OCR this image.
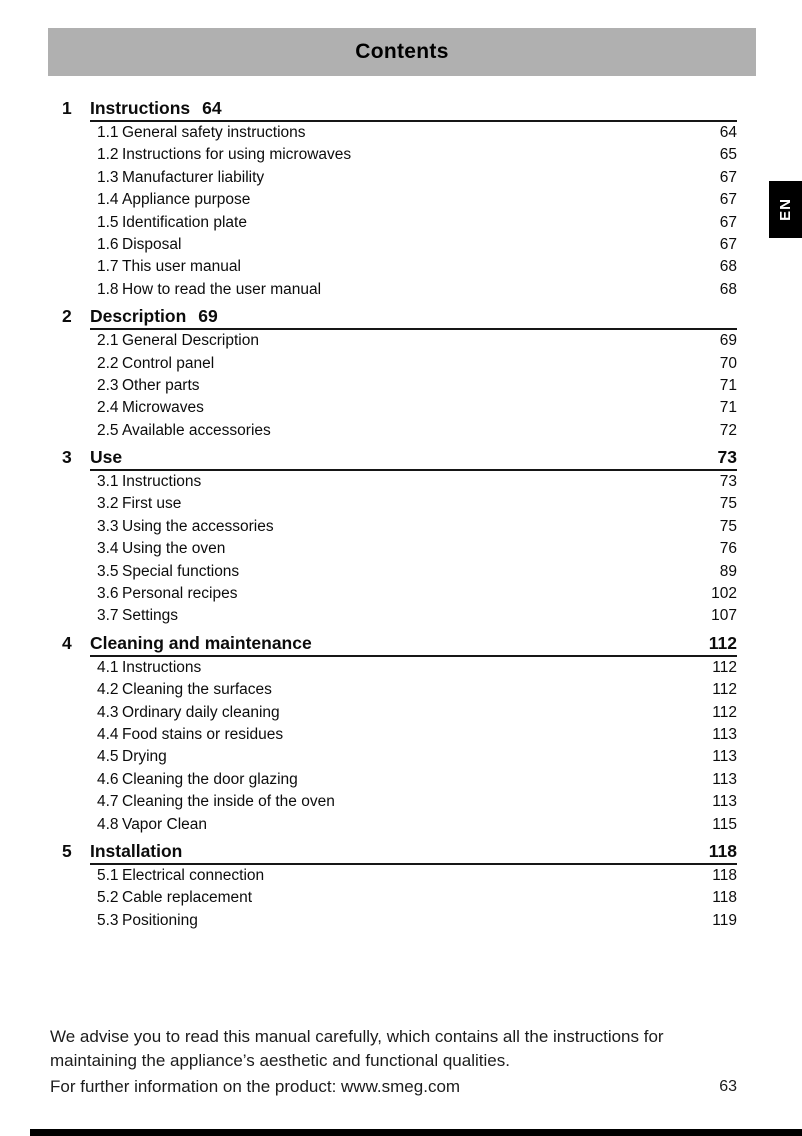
Contents
EN
1	Instructions 64
1.1 General safety instructions	64
1.2 Instructions for using microwaves	65
1.3 Manufacturer liability	67
1.4 Appliance purpose	67
1.5 Identification plate	67
1.6 Disposal	67
1.7 This user manual	68
1.8 How to read the user manual	68
2	Description 69
2.1 General Description	69
2.2 Control panel	70
2.3 Other parts	71
2.4 Microwaves	71
2.5 Available accessories	72
3	Use	73
3.1 Instructions	73
3.2 First use	75
3.3 Using the accessories	75
3.4 Using the oven	76
3.5 Special functions	89
3.6 Personal recipes	102
3.7 Settings	107
4	Cleaning and maintenance	112
4.1 Instructions	112
4.2 Cleaning the surfaces	112
4.3 Ordinary daily cleaning	112
4.4 Food stains or residues	113
4.5 Drying	113
4.6 Cleaning the door glazing	113
4.7 Cleaning the inside of the oven	113
4.8 Vapor Clean	115
5	Installation	118
5.1 Electrical connection	118
5.2 Cable replacement	118
5.3 Positioning	119

We advise you to read this manual carefully, which contains all the instructions for maintaining the appliance’s aesthetic and functional qualities.

For further information on the product: www.smeg.com	63
